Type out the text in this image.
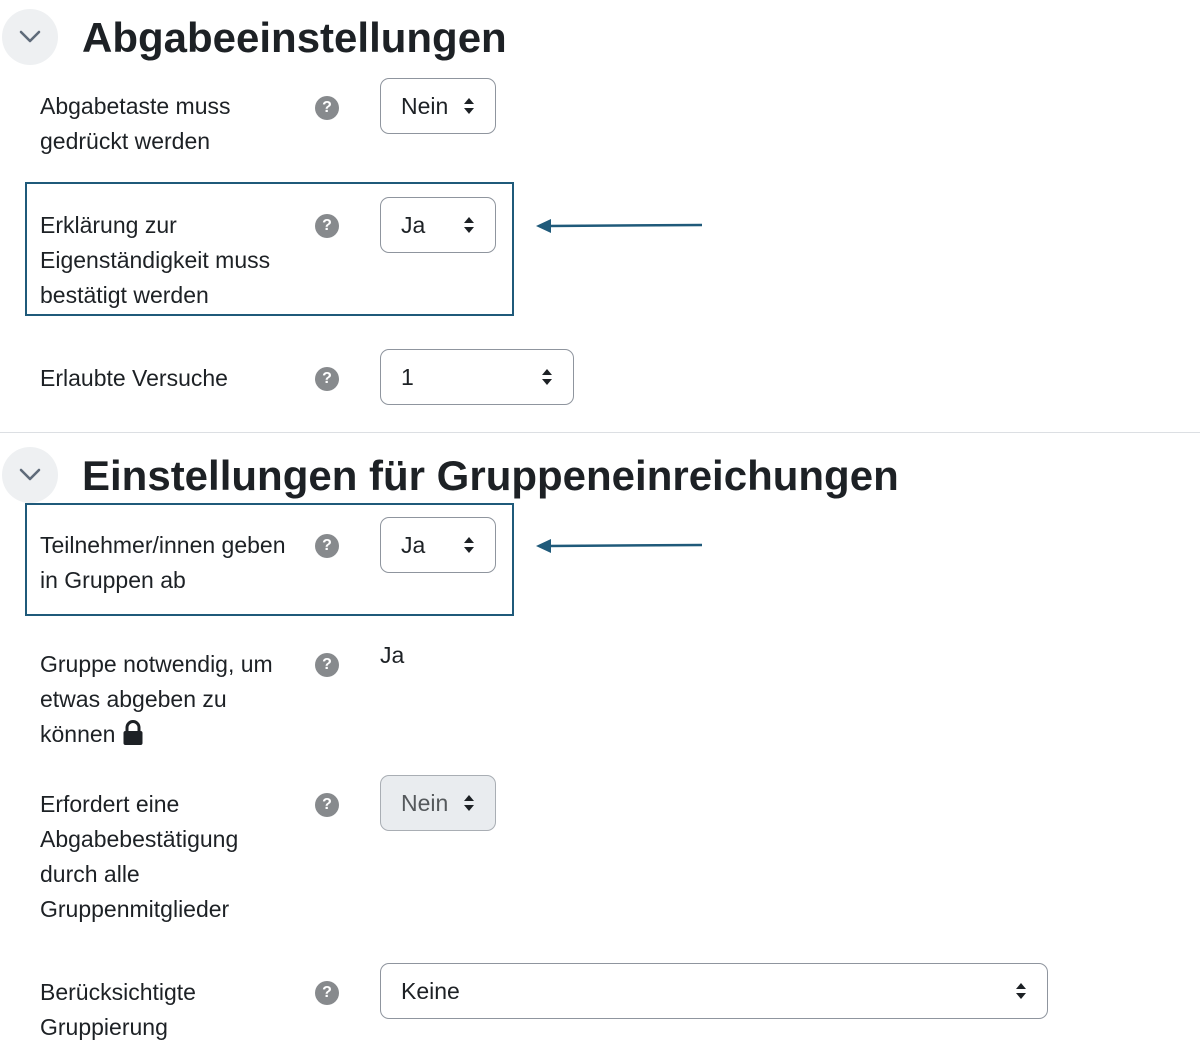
Abgabeeinstellungen
Abgabetaste muss
gedrückt werden
?	Nein
Erklärung zur
Eigenständigkeit muss
bestätigt werden
?	Ja
Erlaubte Versuche	?	1
Einstellungen für Gruppeneinreichungen
Teilnehmer/innen geben
in Gruppen ab
?	Ja
Gruppe notwendig, um
etwas abgeben zu
können
?	Ja
Erfordert eine
Abgabebestätigung
durch alle
Gruppenmitglieder
?	Nein
Berücksichtigte
Gruppierung
?	Keine
